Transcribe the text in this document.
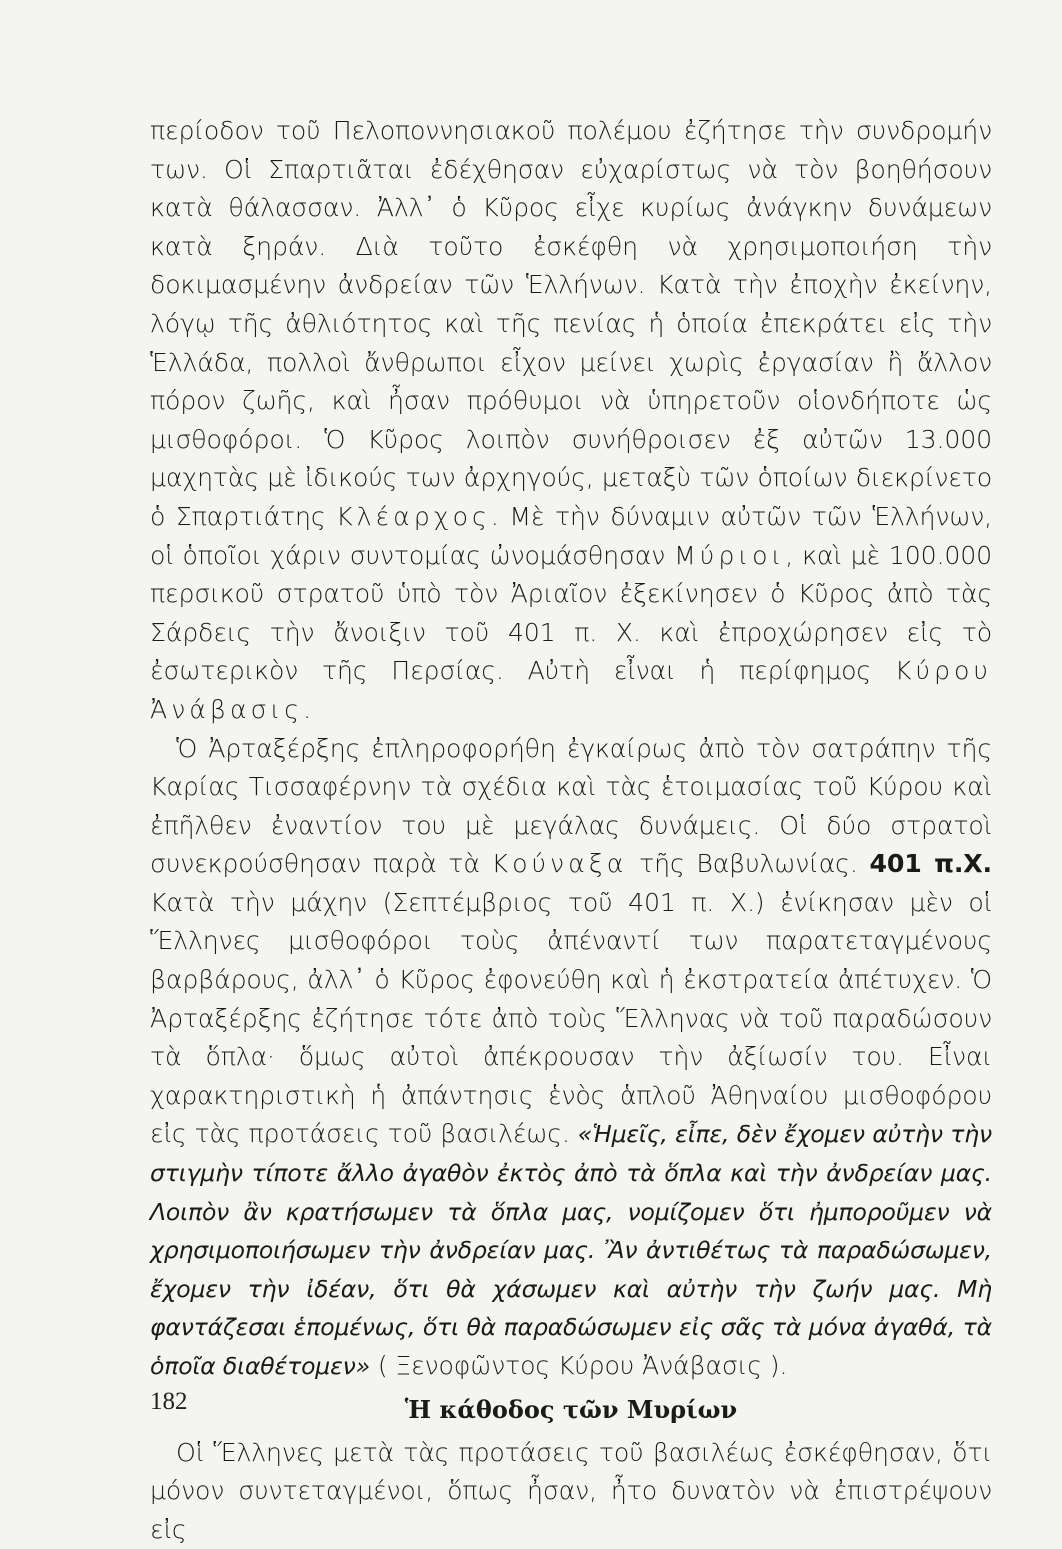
περίοδον τοῦ Πελοποννησιακοῦ πολέμου ἐζήτησε τὴν συνδρομήν των. Οἱ Σπαρτιᾶται ἐδέχθησαν εὐχαρίστως νὰ τὸν βοηθήσουν κατὰ θάλασσαν. Ἀλλ᾽ ὁ Κῦρος εἶχε κυρίως ἀνάγκην δυνάμεων κατὰ ξηράν. Διὰ τοῦτο ἐσκέφθη νὰ χρησιμοποιήση τὴν δοκιμασμένην ἀνδρείαν τῶν Ἑλλήνων. Κατὰ τὴν ἐποχὴν ἐκείνην, λόγῳ τῆς ἀθλιότητος καὶ τῆς πενίας ἡ ὁποία ἐπεκράτει εἰς τὴν Ἑλλάδα, πολλοὶ ἄνθρωποι εἶχον μείνει χωρὶς ἐργασίαν ἢ ἄλλον πόρον ζωῆς, καὶ ἦσαν πρόθυμοι νὰ ὑπηρετοῦν οἱονδήποτε ὡς μισθοφόροι. Ὁ Κῦρος λοιπὸν συνήθροισεν ἐξ αὐτῶν 13.000 μαχητὰς μὲ ἰδικούς των ἀρχηγούς, μεταξὺ τῶν ὁποίων διεκρίνετο ὁ Σπαρτιάτης Κλέαρχος. Μὲ τὴν δύναμιν αὐτῶν τῶν Ἑλλήνων, οἱ ὁποῖοι χάριν συντομίας ὠνομάσθησαν Μύριοι, καὶ μὲ 100.000 περσικοῦ στρατοῦ ὑπὸ τὸν Ἀριαῖον ἐξεκίνησεν ὁ Κῦρος ἀπὸ τὰς Σάρδεις τὴν ἄνοιξιν τοῦ 401 π. Χ. καὶ ἐπροχώρησεν εἰς τὸ ἐσωτερικὸν τῆς Περσίας. Αὐτὴ εἶναι ἡ περίφημος Κύρου Ἀνάβασις.

Ὁ Ἀρταξέρξης ἐπληροφορήθη ἐγκαίρως ἀπὸ τὸν σατράπην τῆς Καρίας Τισσαφέρνην τὰ σχέδια καὶ τὰς ἑτοιμασίας τοῦ Κύρου καὶ ἐπῆλθεν ἐναντίον του μὲ μεγάλας δυνάμεις. Οἱ δύο στρατοὶ συνεκρούσθησαν παρὰ τὰ Κούναξα τῆς Βαβυλωνίας. 401 π.Χ. Κατὰ τὴν μάχην (Σεπτέμβριος τοῦ 401 π. Χ.) ἐνίκησαν μὲν οἱ Ἕλληνες μισθοφόροι τοὺς ἀπέναντί των παρατεταγμένους βαρβάρους, ἀλλ᾽ ὁ Κῦρος ἐφονεύθη καὶ ἡ ἐκστρατεία ἀπέτυχεν. Ὁ Ἀρταξέρξης ἐζήτησε τότε ἀπὸ τοὺς Ἕλληνας νὰ τοῦ παραδώσουν τὰ ὅπλα· ὅμως αὐτοὶ ἀπέκρουσαν τὴν ἀξίωσίν του. Εἶναι χαρακτηριστικὴ ἡ ἀπάντησις ἑνὸς ἁπλοῦ Ἀθηναίου μισθοφόρου εἰς τὰς προτάσεις τοῦ βασιλέως. «Ἡμεῖς, εἶπε, δὲν ἔχομεν αὐτὴν τὴν στιγμὴν τίποτε ἄλλο ἀγαθὸν ἐκτὸς ἀπὸ τὰ ὅπλα καὶ τὴν ἀνδρείαν μας. Λοιπὸν ἂν κρατήσωμεν τὰ ὅπλα μας, νομίζομεν ὅτι ἠμποροῦμεν νὰ χρησιμοποιήσωμεν τὴν ἀνδρείαν μας. Ἂν ἀντιθέτως τὰ παραδώσωμεν, ἔχομεν τὴν ἰδέαν, ὅτι θὰ χάσωμεν καὶ αὐτὴν τὴν ζωήν μας. Μὴ φαντάζεσαι ἑπομένως, ὅτι θὰ παραδώσωμεν εἰς σᾶς τὰ μόνα ἀγαθά, τὰ ὁποῖα διαθέτομεν» ( Ξενοφῶντος Κύρου Ἀνάβασις ).

Ἡ κάθοδος τῶν Μυρίων

Οἱ Ἕλληνες μετὰ τὰς προτάσεις τοῦ βασιλέως ἐσκέφθησαν, ὅτι μόνον συντεταγμένοι, ὅπως ἦσαν, ἦτο δυνατὸν νὰ ἐπιστρέψουν εἰς

182
